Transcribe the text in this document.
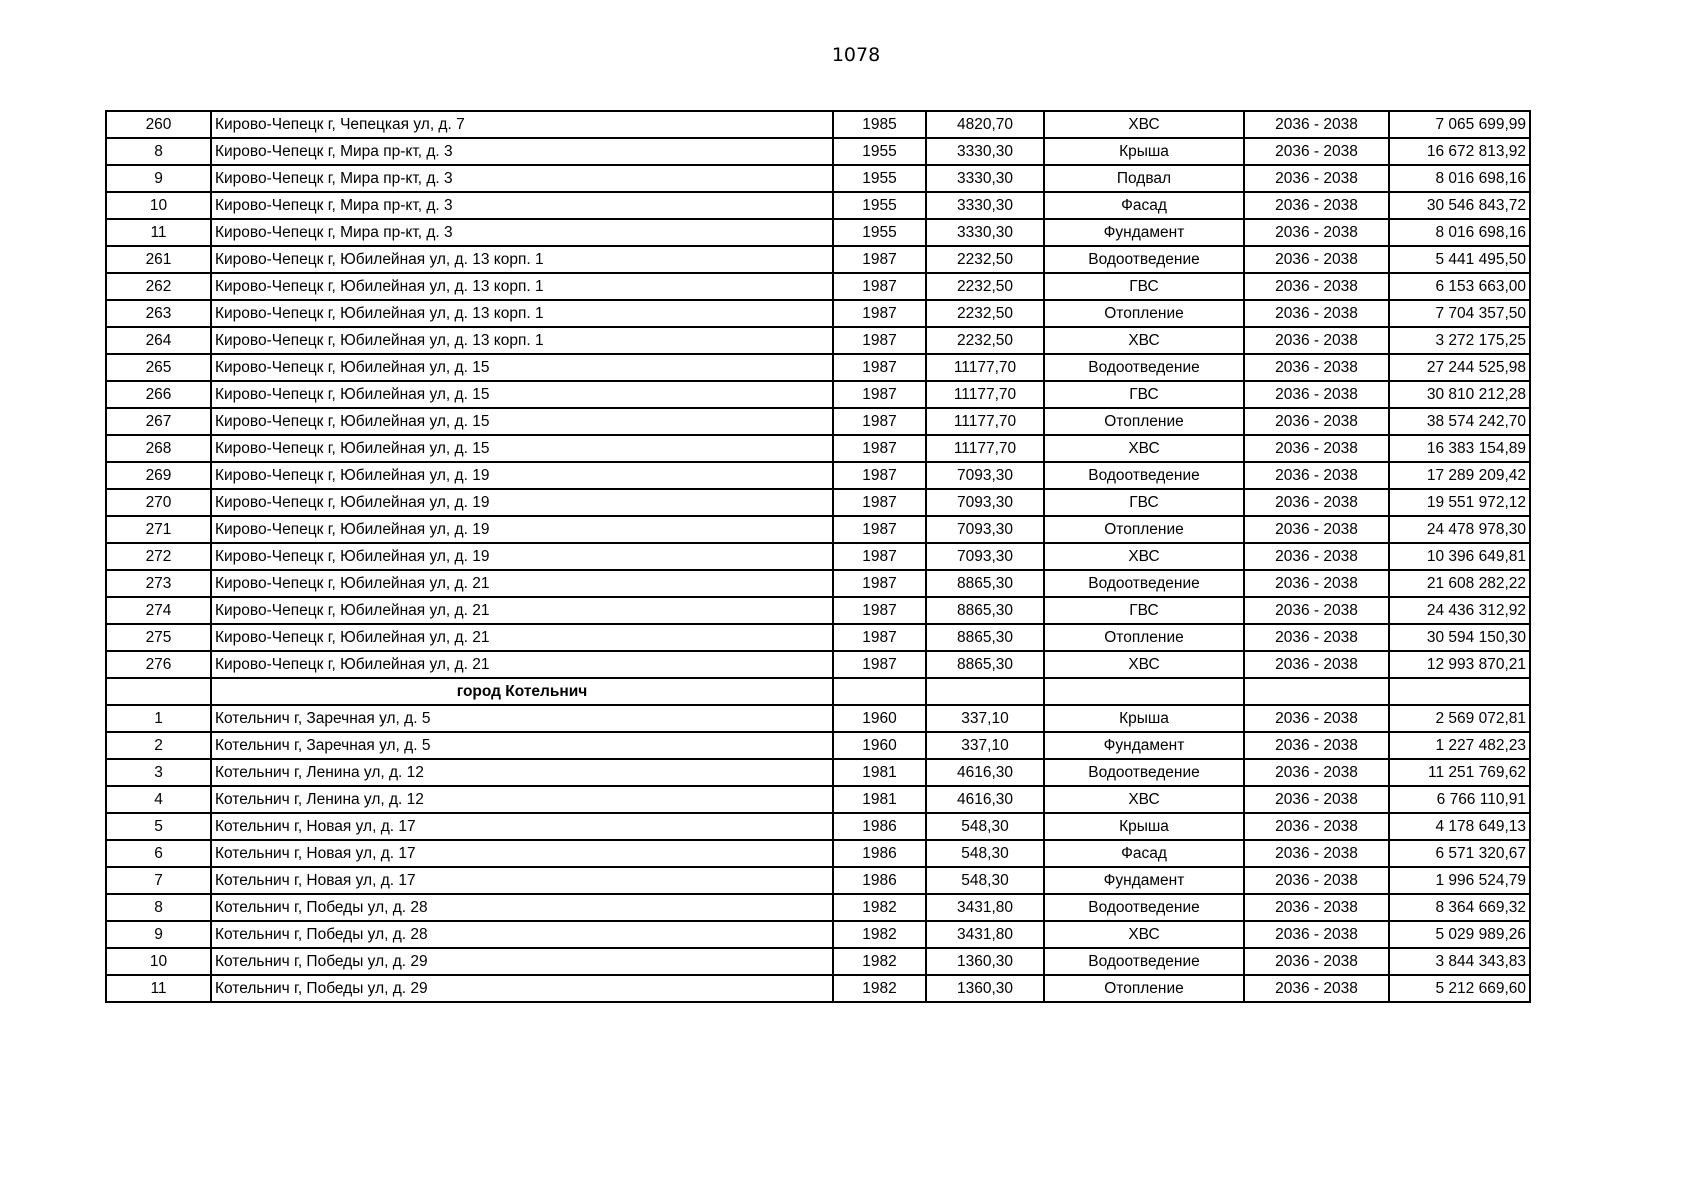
1078
260	Кирово-Чепецк г, Чепецкая ул, д. 7	1985	4820,70	ХВС	2036 - 2038	7 065 699,99
8	Кирово-Чепецк г, Мира пр-кт, д. 3	1955	3330,30	Крыша	2036 - 2038	16 672 813,92
9	Кирово-Чепецк г, Мира пр-кт, д. 3	1955	3330,30	Подвал	2036 - 2038	8 016 698,16
10	Кирово-Чепецк г, Мира пр-кт, д. 3	1955	3330,30	Фасад	2036 - 2038	30 546 843,72
11	Кирово-Чепецк г, Мира пр-кт, д. 3	1955	3330,30	Фундамент	2036 - 2038	8 016 698,16
261	Кирово-Чепецк г, Юбилейная ул, д. 13 корп. 1	1987	2232,50	Водоотведение	2036 - 2038	5 441 495,50
262	Кирово-Чепецк г, Юбилейная ул, д. 13 корп. 1	1987	2232,50	ГВС	2036 - 2038	6 153 663,00
263	Кирово-Чепецк г, Юбилейная ул, д. 13 корп. 1	1987	2232,50	Отопление	2036 - 2038	7 704 357,50
264	Кирово-Чепецк г, Юбилейная ул, д. 13 корп. 1	1987	2232,50	ХВС	2036 - 2038	3 272 175,25
265	Кирово-Чепецк г, Юбилейная ул, д. 15	1987	11177,70	Водоотведение	2036 - 2038	27 244 525,98
266	Кирово-Чепецк г, Юбилейная ул, д. 15	1987	11177,70	ГВС	2036 - 2038	30 810 212,28
267	Кирово-Чепецк г, Юбилейная ул, д. 15	1987	11177,70	Отопление	2036 - 2038	38 574 242,70
268	Кирово-Чепецк г, Юбилейная ул, д. 15	1987	11177,70	ХВС	2036 - 2038	16 383 154,89
269	Кирово-Чепецк г, Юбилейная ул, д. 19	1987	7093,30	Водоотведение	2036 - 2038	17 289 209,42
270	Кирово-Чепецк г, Юбилейная ул, д. 19	1987	7093,30	ГВС	2036 - 2038	19 551 972,12
271	Кирово-Чепецк г, Юбилейная ул, д. 19	1987	7093,30	Отопление	2036 - 2038	24 478 978,30
272	Кирово-Чепецк г, Юбилейная ул, д. 19	1987	7093,30	ХВС	2036 - 2038	10 396 649,81
273	Кирово-Чепецк г, Юбилейная ул, д. 21	1987	8865,30	Водоотведение	2036 - 2038	21 608 282,22
274	Кирово-Чепецк г, Юбилейная ул, д. 21	1987	8865,30	ГВС	2036 - 2038	24 436 312,92
275	Кирово-Чепецк г, Юбилейная ул, д. 21	1987	8865,30	Отопление	2036 - 2038	30 594 150,30
276	Кирово-Чепецк г, Юбилейная ул, д. 21	1987	8865,30	ХВС	2036 - 2038	12 993 870,21
	город Котельнич					
1	Котельнич г, Заречная ул, д. 5	1960	337,10	Крыша	2036 - 2038	2 569 072,81
2	Котельнич г, Заречная ул, д. 5	1960	337,10	Фундамент	2036 - 2038	1 227 482,23
3	Котельнич г, Ленина ул, д. 12	1981	4616,30	Водоотведение	2036 - 2038	11 251 769,62
4	Котельнич г, Ленина ул, д. 12	1981	4616,30	ХВС	2036 - 2038	6 766 110,91
5	Котельнич г, Новая ул, д. 17	1986	548,30	Крыша	2036 - 2038	4 178 649,13
6	Котельнич г, Новая ул, д. 17	1986	548,30	Фасад	2036 - 2038	6 571 320,67
7	Котельнич г, Новая ул, д. 17	1986	548,30	Фундамент	2036 - 2038	1 996 524,79
8	Котельнич г, Победы ул, д. 28	1982	3431,80	Водоотведение	2036 - 2038	8 364 669,32
9	Котельнич г, Победы ул, д. 28	1982	3431,80	ХВС	2036 - 2038	5 029 989,26
10	Котельнич г, Победы ул, д. 29	1982	1360,30	Водоотведение	2036 - 2038	3 844 343,83
11	Котельнич г, Победы ул, д. 29	1982	1360,30	Отопление	2036 - 2038	5 212 669,60
